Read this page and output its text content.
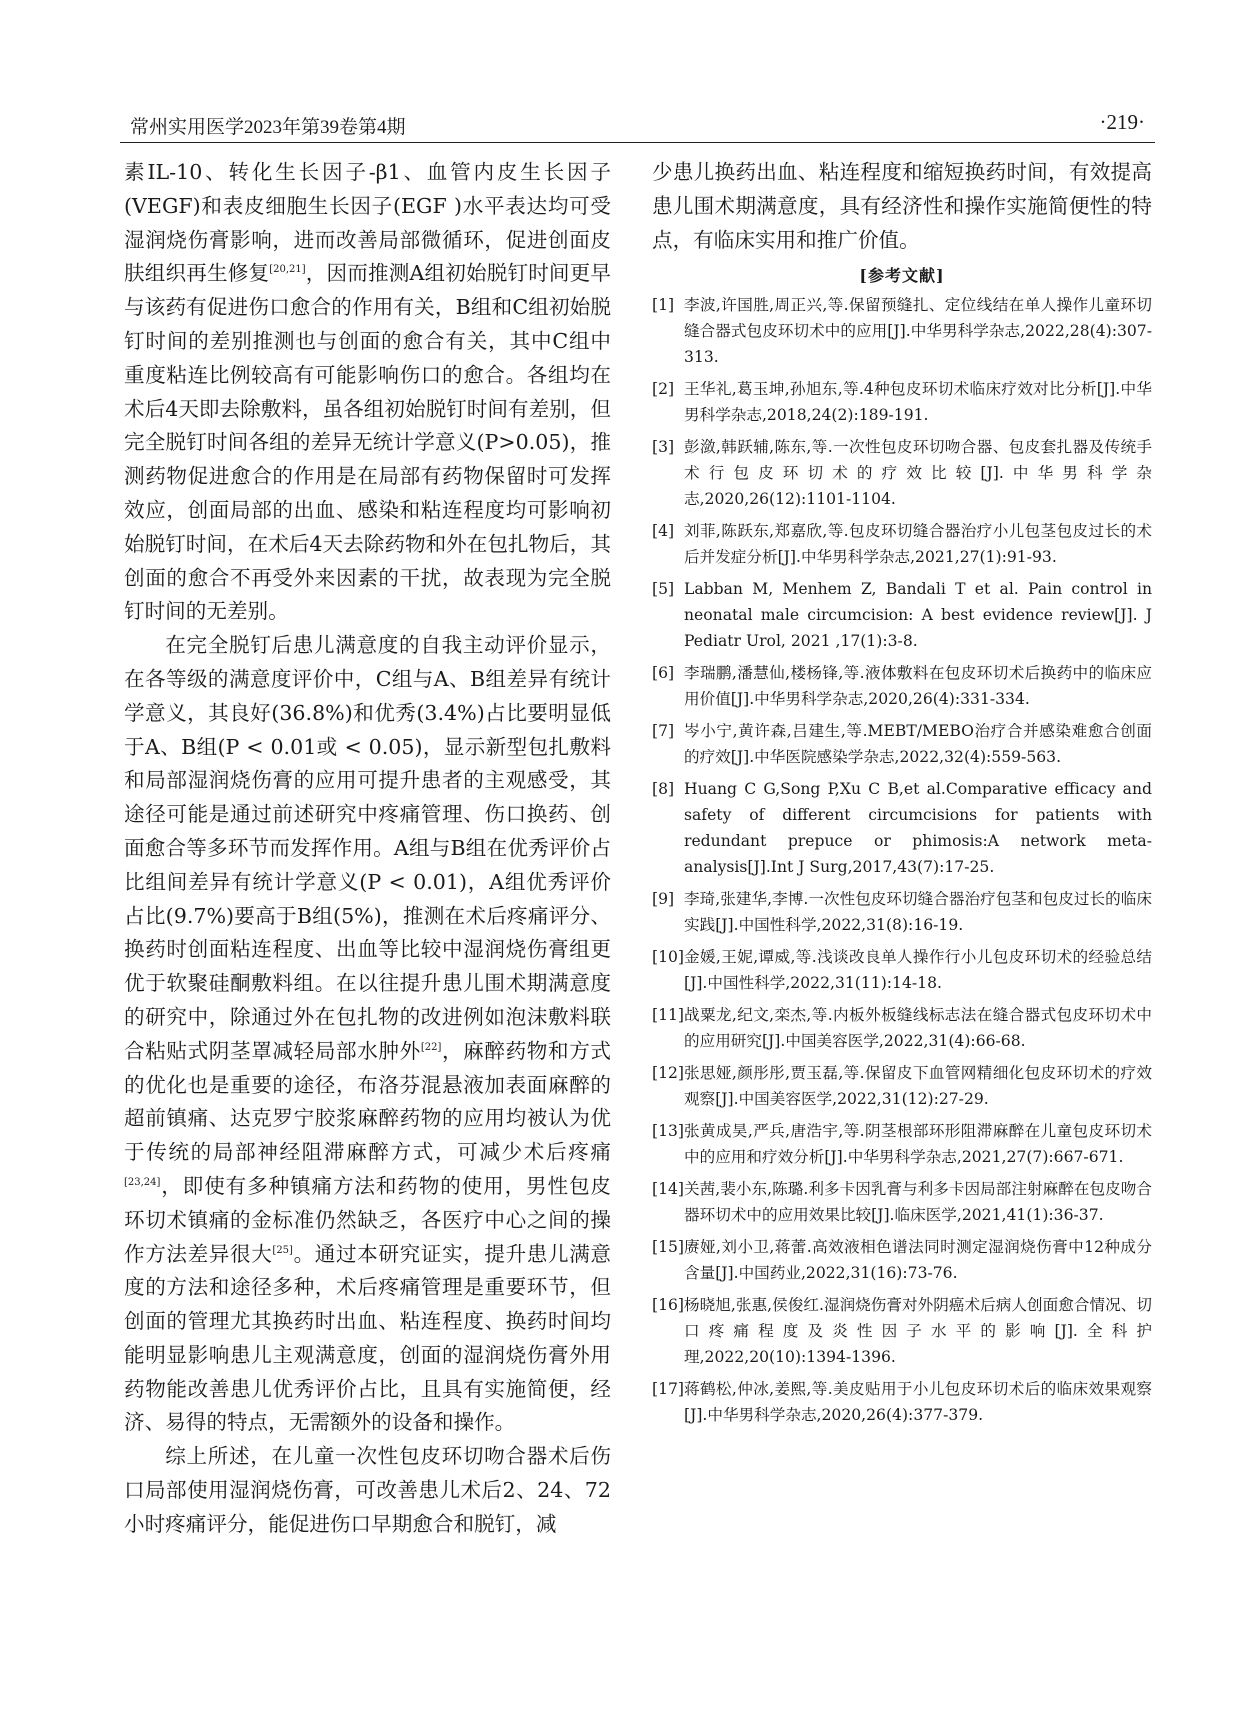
常州实用医学2023年第39卷第4期	·219·

素IL-10、转化生长因子-β1、血管内皮生长因子(VEGF)和表皮细胞生长因子(EGF )水平表达均可受湿润烧伤膏影响，进而改善局部微循环，促进创面皮肤组织再生修复[20,21]，因而推测A组初始脱钉时间更早与该药有促进伤口愈合的作用有关，B组和C组初始脱钉时间的差别推测也与创面的愈合有关，其中C组中重度粘连比例较高有可能影响伤口的愈合。各组均在术后4天即去除敷料，虽各组初始脱钉时间有差别，但完全脱钉时间各组的差异无统计学意义(P>0.05)，推测药物促进愈合的作用是在局部有药物保留时可发挥效应，创面局部的出血、感染和粘连程度均可影响初始脱钉时间，在术后4天去除药物和外在包扎物后，其创面的愈合不再受外来因素的干扰，故表现为完全脱钉时间的无差别。

在完全脱钉后患儿满意度的自我主动评价显示，在各等级的满意度评价中，C组与A、B组差异有统计学意义，其良好(36.8%)和优秀(3.4%)占比要明显低于A、B组(P < 0.01或 < 0.05)，显示新型包扎敷料和局部湿润烧伤膏的应用可提升患者的主观感受，其途径可能是通过前述研究中疼痛管理、伤口换药、创面愈合等多环节而发挥作用。A组与B组在优秀评价占比组间差异有统计学意义(P < 0.01)，A组优秀评价占比(9.7%)要高于B组(5%)，推测在术后疼痛评分、换药时创面粘连程度、出血等比较中湿润烧伤膏组更优于软聚硅酮敷料组。在以往提升患儿围术期满意度的研究中，除通过外在包扎物的改进例如泡沫敷料联合粘贴式阴茎罩减轻局部水肿外[22]，麻醉药物和方式的优化也是重要的途径，布洛芬混悬液加表面麻醉的超前镇痛、达克罗宁胶浆麻醉药物的应用均被认为优于传统的局部神经阻滞麻醉方式，可减少术后疼痛[23,24]，即使有多种镇痛方法和药物的使用，男性包皮环切术镇痛的金标准仍然缺乏，各医疗中心之间的操作方法差异很大[25]。通过本研究证实，提升患儿满意度的方法和途径多种，术后疼痛管理是重要环节，但创面的管理尤其换药时出血、粘连程度、换药时间均能明显影响患儿主观满意度，创面的湿润烧伤膏外用药物能改善患儿优秀评价占比，且具有实施简便，经济、易得的特点，无需额外的设备和操作。

综上所述，在儿童一次性包皮环切吻合器术后伤口局部使用湿润烧伤膏，可改善患儿术后2、24、72小时疼痛评分，能促进伤口早期愈合和脱钉，减

少患儿换药出血、粘连程度和缩短换药时间，有效提高患儿围术期满意度，具有经济性和操作实施简便性的特点，有临床实用和推广价值。

[参考文献]
[1] 李波,许国胜,周正兴,等.保留预缝扎、定位线结在单人操作儿童环切缝合器式包皮环切术中的应用[J].中华男科学杂志,2022,28(4):307-313.
[2] 王华礼,葛玉坤,孙旭东,等.4种包皮环切术临床疗效对比分析[J].中华男科学杂志,2018,24(2):189-191.
[3] 彭潋,韩跃辅,陈东,等.一次性包皮环切吻合器、包皮套扎器及传统手术行包皮环切术的疗效比较[J].中华男科学杂志,2020,26(12):1101-1104.
[4] 刘菲,陈跃东,郑嘉欣,等.包皮环切缝合器治疗小儿包茎包皮过长的术后并发症分析[J].中华男科学杂志,2021,27(1):91-93.
[5] Labban M, Menhem Z, Bandali T et al. Pain control in neonatal male circumcision: A best evidence review[J]. J Pediatr Urol, 2021 ,17(1):3-8.
[6] 李瑞鹏,潘慧仙,楼杨锋,等.液体敷料在包皮环切术后换药中的临床应用价值[J].中华男科学杂志,2020,26(4):331-334.
[7] 岑小宁,黄许森,吕建生,等.MEBT/MEBO治疗合并感染难愈合创面的疗效[J].中华医院感染学杂志,2022,32(4):559-563.
[8] Huang C G,Song P,Xu C B,et al.Comparative efficacy and safety of different circumcisions for patients with redundant prepuce or phimosis:A network meta-analysis[J].Int J Surg,2017,43(7):17-25.
[9] 李琦,张建华,李博.一次性包皮环切缝合器治疗包茎和包皮过长的临床实践[J].中国性科学,2022,31(8):16-19.
[10] 金媛,王妮,谭威,等.浅谈改良单人操作行小儿包皮环切术的经验总结[J].中国性科学,2022,31(11):14-18.
[11] 战粟龙,纪文,栾杰,等.内板外板缝线标志法在缝合器式包皮环切术中的应用研究[J].中国美容医学,2022,31(4):66-68.
[12] 张思娅,颜彤彤,贾玉磊,等.保留皮下血管网精细化包皮环切术的疗效观察[J].中国美容医学,2022,31(12):27-29.
[13] 张黄成昊,严兵,唐浩宇,等.阴茎根部环形阻滞麻醉在儿童包皮环切术中的应用和疗效分析[J].中华男科学杂志,2021,27(7):667-671.
[14] 关茜,裴小东,陈璐.利多卡因乳膏与利多卡因局部注射麻醉在包皮吻合器环切术中的应用效果比较[J].临床医学,2021,41(1):36-37.
[15] 赓娅,刘小卫,蒋蕾.高效液相色谱法同时测定湿润烧伤膏中12种成分含量[J].中国药业,2022,31(16):73-76.
[16] 杨晓旭,张惠,侯俊红.湿润烧伤膏对外阴癌术后病人创面愈合情况、切口疼痛程度及炎性因子水平的影响[J].全科护理,2022,20(10):1394-1396.
[17] 蒋鹤松,仲冰,姜熙,等.美皮贴用于小儿包皮环切术后的临床效果观察[J].中华男科学杂志,2020,26(4):377-379.
